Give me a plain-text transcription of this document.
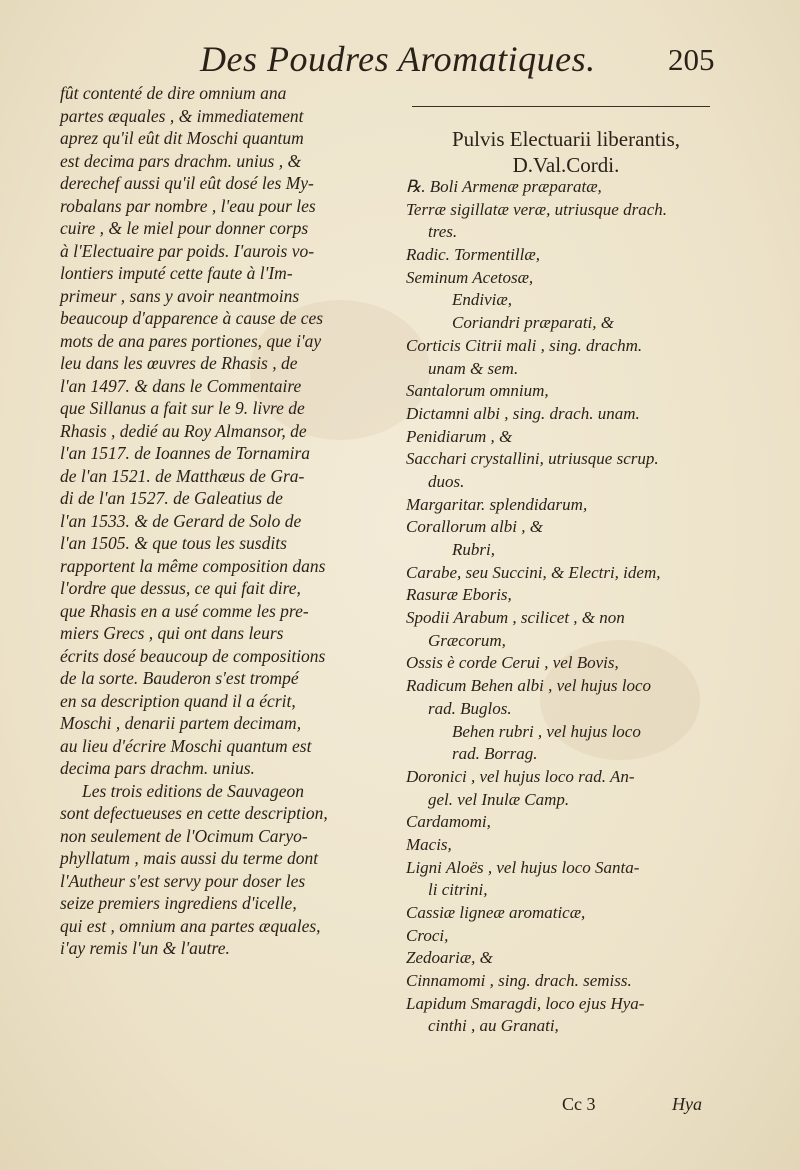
Des Poudres Aromatiques. 205
fût contenté de dire omnium ana
partes æquales , & immediatement
aprez qu'il eût dit Moschi quantum
est decima pars drachm. unius , &
derechef aussi qu'il eût dosé les My-
robalans par nombre , l'eau pour les
cuire , & le miel pour donner corps
à l'Electuaire par poids. I'aurois vo-
lontiers imputé cette faute à l'Im-
primeur , sans y avoir neantmoins
beaucoup d'apparence à cause de ces
mots de ana pares portiones, que i'ay
leu dans les œuvres de Rhasis , de
l'an 1497. & dans le Commentaire
que Sillanus a fait sur le 9. livre de
Rhasis , dedié au Roy Almansor, de
l'an 1517. de Ioannes de Tornamira
de l'an 1521. de Matthæus de Gra-
di de l'an 1527. de Galeatius de
l'an 1533. & de Gerard de Solo de
l'an 1505. & que tous les susdits
rapportent la même composition dans
l'ordre que dessus, ce qui fait dire,
que Rhasis en a usé comme les pre-
miers Grecs , qui ont dans leurs
écrits dosé beaucoup de compositions
de la sorte. Bauderon s'est trompé
en sa description quand il a écrit,
Moschi , denarii partem decimam,
au lieu d'écrire Moschi quantum est
decima pars drachm. unius.
Les trois editions de Sauvageon
sont defectueuses en cette description,
non seulement de l'Ocimum Caryo-
phyllatum , mais aussi du terme dont
l'Autheur s'est servy pour doser les
seize premiers ingrediens d'icelle,
qui est , omnium ana partes æquales,
i'ay remis l'un & l'autre.
Pulvis Electuarii liberantis,
D.Val.Cordi.
℞. Boli Armenæ præparatæ,
Terræ sigillatæ veræ, utriusque drach.
tres.
Radic. Tormentillæ,
Seminum Acetosæ,
Endiviæ,
Coriandri præparati, &
Corticis Citrii mali , sing. drachm.
unam & sem.
Santalorum omnium,
Dictamni albi , sing. drach. unam.
Penidiarum , &
Sacchari crystallini, utriusque scrup.
duos.
Margaritar. splendidarum,
Corallorum albi , &
Rubri,
Carabe, seu Succini, & Electri, idem,
Rasuræ Eboris,
Spodii Arabum , scilicet , & non
Græcorum,
Ossis è corde Cerui , vel Bovis,
Radicum Behen albi , vel hujus loco
rad. Buglos.
Behen rubri , vel hujus loco
rad. Borrag.
Doronici , vel hujus loco rad. An-
gel. vel Inulæ Camp.
Cardamomi,
Macis,
Ligni Aloës , vel hujus loco Santa-
li citrini,
Cassiæ ligneæ aromaticæ,
Croci,
Zedoariæ, &
Cinnamomi , sing. drach. semiss.
Lapidum Smaragdi, loco ejus Hya-
cinthi , au Granati,
Cc 3	Hya
